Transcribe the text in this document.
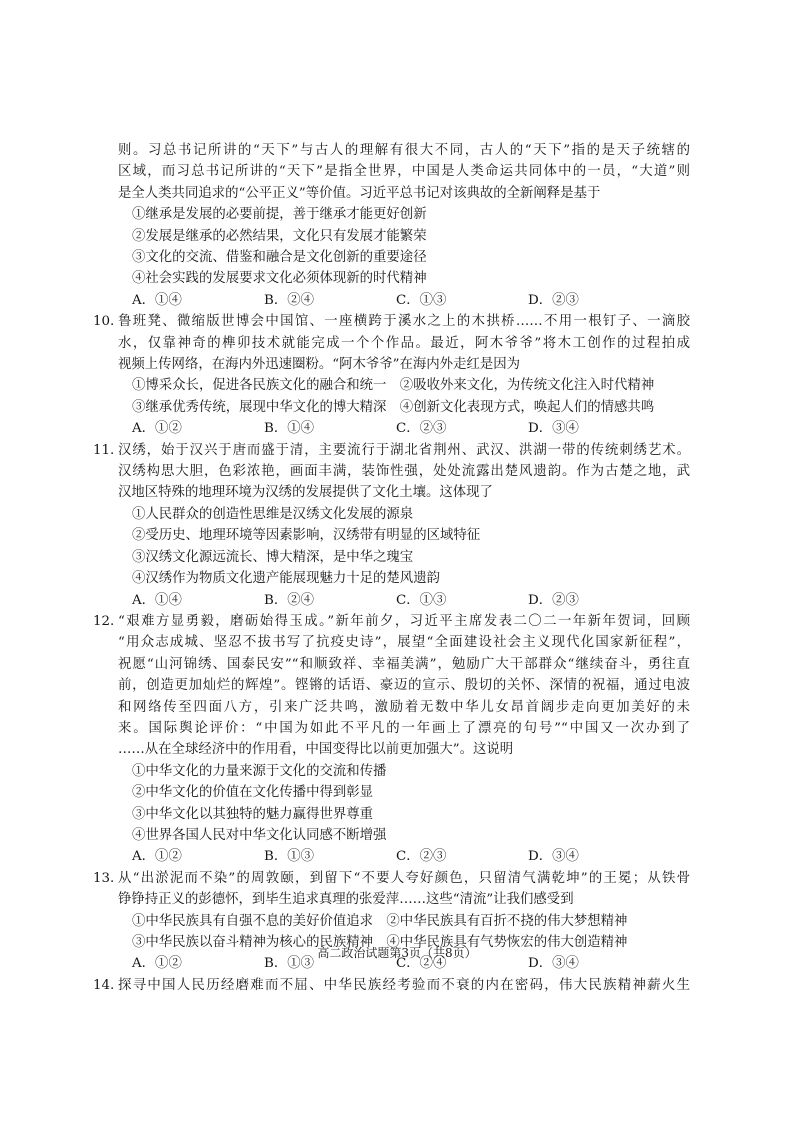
则。习总书记所讲的“天下”与古人的理解有很大不同，古人的“天下”指的是天子统辖的
区域，而习总书记所讲的“天下”是指全世界，中国是人类命运共同体中的一员，“大道”则
是全人类共同追求的“公平正义”等价值。习近平总书记对该典故的全新阐释是基于
①继承是发展的必要前提，善于继承才能更好创新
②发展是继承的必然结果，文化只有发展才能繁荣
③文化的交流、借鉴和融合是文化创新的重要途径
④社会实践的发展要求文化必须体现新的时代精神
A．①④	B．②④	C．①③	D．②③
10. 鲁班凳、微缩版世博会中国馆、一座横跨于溪水之上的木拱桥……不用一根钉子、一滴胶
水，仅靠神奇的榫卯技术就能完成一个个作品。最近，阿木爷爷”将木工创作的过程拍成
视频上传网络，在海内外迅速圈粉。“阿木爷爷”在海内外走红是因为
①博采众长，促进各民族文化的融合和统一　②吸收外来文化，为传统文化注入时代精神
③继承优秀传统，展现中华文化的博大精深　④创新文化表现方式，唤起人们的情感共鸣
A．①②	B．①④	C．②③	D．③④
11. 汉绣，始于汉兴于唐而盛于清，主要流行于湖北省荆州、武汉、洪湖一带的传统刺绣艺术。
汉绣构思大胆，色彩浓艳，画面丰满，装饰性强，处处流露出楚风遗韵。作为古楚之地，武
汉地区特殊的地理环境为汉绣的发展提供了文化土壤。这体现了
①人民群众的创造性思维是汉绣文化发展的源泉
②受历史、地理环境等因素影响，汉绣带有明显的区域特征
③汉绣文化源远流长、博大精深，是中华之瑰宝
④汉绣作为物质文化遗产能展现魅力十足的楚风遗韵
A．①④	B．②④	C．①③	D．②③
12. “艰难方显勇毅，磨砺始得玉成。”新年前夕，习近平主席发表二〇二一年新年贺词，回顾
“用众志成城、坚忍不拔书写了抗疫史诗”，展望“全面建设社会主义现代化国家新征程”，
祝愿“山河锦绣、国泰民安”“和顺致祥、幸福美满”，勉励广大干部群众“继续奋斗，勇往直
前，创造更加灿烂的辉煌”。铿锵的话语、豪迈的宣示、殷切的关怀、深情的祝福，通过电波
和网络传至四面八方，引来广泛共鸣，激励着无数中华儿女昂首阔步走向更加美好的未
来。国际舆论评价：“中国为如此不平凡的一年画上了漂亮的句号”“中国又一次办到了
……从在全球经济中的作用看，中国变得比以前更加强大”。这说明
①中华文化的力量来源于文化的交流和传播
②中华文化的价值在文化传播中得到彰显
③中华文化以其独特的魅力赢得世界尊重
④世界各国人民对中华文化认同感不断增强
A．①②	B．①③	C．②③	D．③④
13. 从“出淤泥而不染”的周敦颐，到留下“不要人夸好颜色，只留清气满乾坤”的王冕；从铁骨
铮铮持正义的彭德怀，到毕生追求真理的张爱萍……这些“清流”让我们感受到
①中华民族具有自强不息的美好价值追求　②中华民族具有百折不挠的伟大梦想精神
③中华民族以奋斗精神为核心的民族精神　④中华民族具有气势恢宏的伟大创造精神
A．①②	B．①③	C．②④	D．③④
14. 探寻中国人民历经磨难而不屈、中华民族经考验而不衰的内在密码，伟大民族精神薪火生
高二政治试题第3页（共8页）
